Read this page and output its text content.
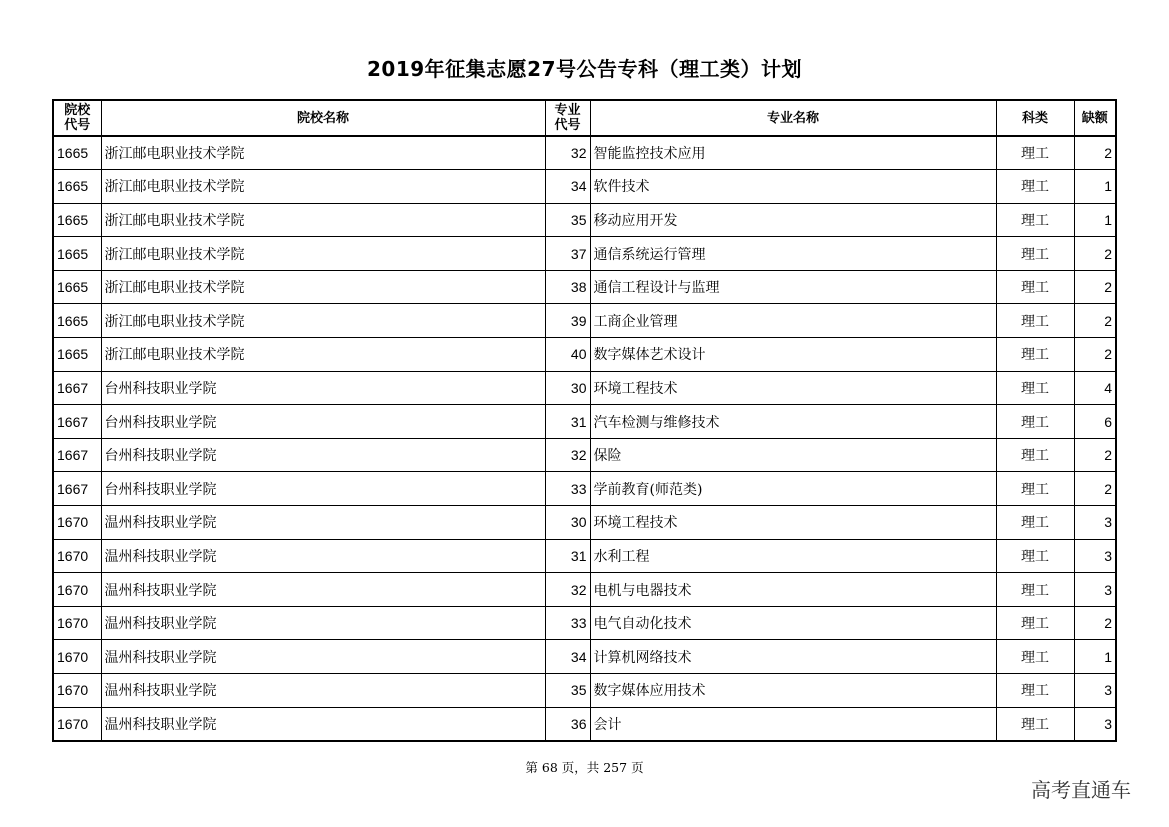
2019年征集志愿27号公告专科（理工类）计划
院校代号	院校名称	专业代号	专业名称	科类	缺额
1665	浙江邮电职业技术学院	32	智能监控技术应用	理工	2
1665	浙江邮电职业技术学院	34	软件技术	理工	1
1665	浙江邮电职业技术学院	35	移动应用开发	理工	1
1665	浙江邮电职业技术学院	37	通信系统运行管理	理工	2
1665	浙江邮电职业技术学院	38	通信工程设计与监理	理工	2
1665	浙江邮电职业技术学院	39	工商企业管理	理工	2
1665	浙江邮电职业技术学院	40	数字媒体艺术设计	理工	2
1667	台州科技职业学院	30	环境工程技术	理工	4
1667	台州科技职业学院	31	汽车检测与维修技术	理工	6
1667	台州科技职业学院	32	保险	理工	2
1667	台州科技职业学院	33	学前教育(师范类)	理工	2
1670	温州科技职业学院	30	环境工程技术	理工	3
1670	温州科技职业学院	31	水利工程	理工	3
1670	温州科技职业学院	32	电机与电器技术	理工	3
1670	温州科技职业学院	33	电气自动化技术	理工	2
1670	温州科技职业学院	34	计算机网络技术	理工	1
1670	温州科技职业学院	35	数字媒体应用技术	理工	3
1670	温州科技职业学院	36	会计	理工	3
第 68 页，共 257 页
高考直通车
